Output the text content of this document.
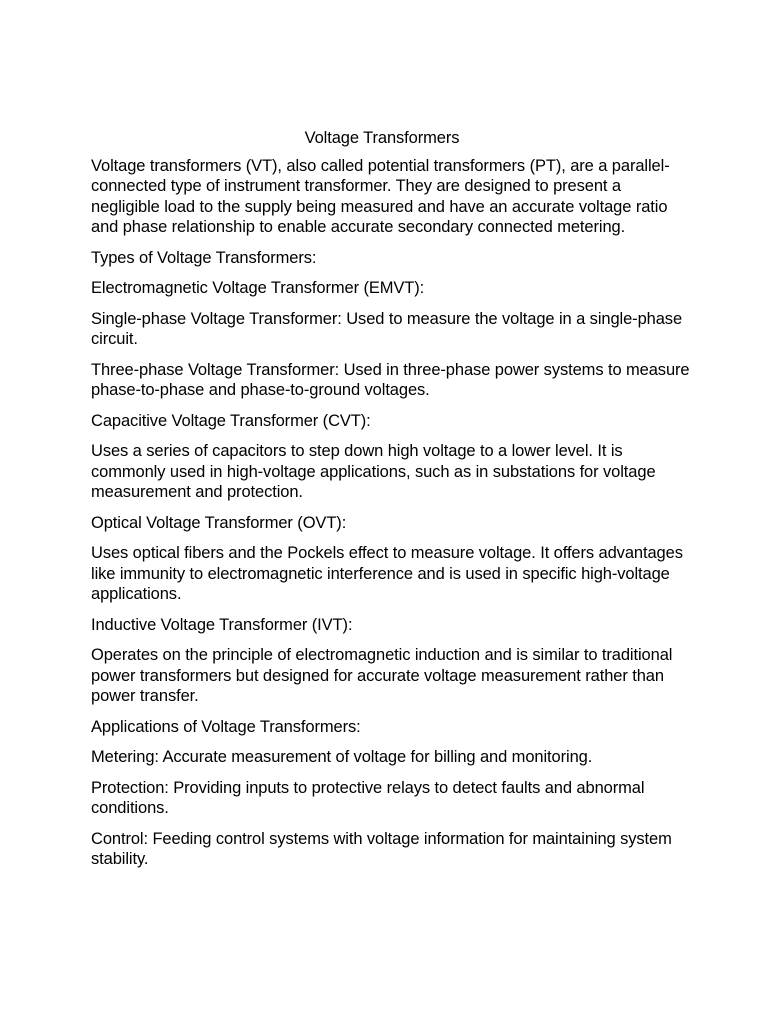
Voltage Transformers

Voltage transformers (VT), also called potential transformers (PT), are a parallel-connected type of instrument transformer. They are designed to present a negligible load to the supply being measured and have an accurate voltage ratio and phase relationship to enable accurate secondary connected metering.

Types of Voltage Transformers:

Electromagnetic Voltage Transformer (EMVT):

Single-phase Voltage Transformer: Used to measure the voltage in a single-phase circuit.

Three-phase Voltage Transformer: Used in three-phase power systems to measure phase-to-phase and phase-to-ground voltages.

Capacitive Voltage Transformer (CVT):

Uses a series of capacitors to step down high voltage to a lower level. It is commonly used in high-voltage applications, such as in substations for voltage measurement and protection.

Optical Voltage Transformer (OVT):

Uses optical fibers and the Pockels effect to measure voltage. It offers advantages like immunity to electromagnetic interference and is used in specific high-voltage applications.

Inductive Voltage Transformer (IVT):

Operates on the principle of electromagnetic induction and is similar to traditional power transformers but designed for accurate voltage measurement rather than power transfer.

Applications of Voltage Transformers:

Metering: Accurate measurement of voltage for billing and monitoring.

Protection: Providing inputs to protective relays to detect faults and abnormal conditions.

Control: Feeding control systems with voltage information for maintaining system stability.
